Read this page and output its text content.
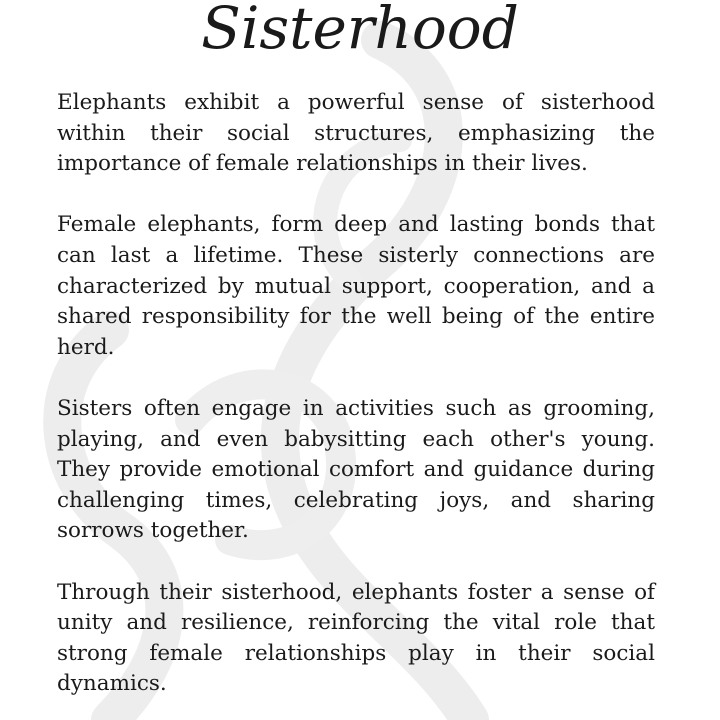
Sisterhood

Elephants exhibit a powerful sense of sisterhood within their social structures, emphasizing the importance of female relationships in their lives.

Female elephants, form deep and lasting bonds that can last a lifetime. These sisterly connections are characterized by mutual support, cooperation, and a shared responsibility for the well being of the entire herd.

Sisters often engage in activities such as grooming, playing, and even babysitting each other's young. They provide emotional comfort and guidance during challenging times, celebrating joys, and sharing sorrows together.

Through their sisterhood, elephants foster a sense of unity and resilience, reinforcing the vital role that strong female relationships play in their social dynamics.
